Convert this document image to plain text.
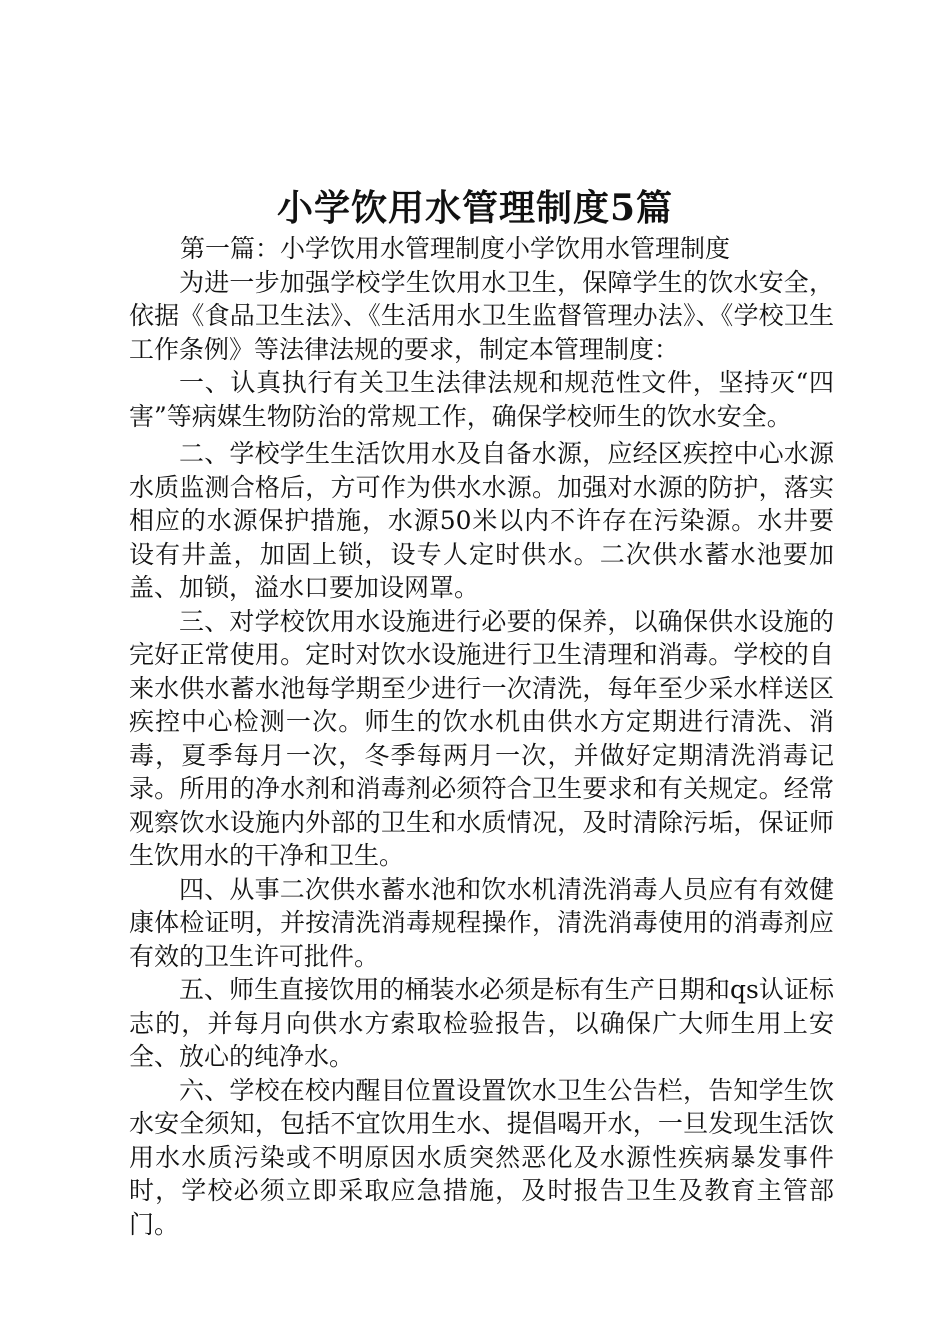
小学饮用水管理制度5篇

第一篇：小学饮用水管理制度小学饮用水管理制度

为进一步加强学校学生饮用水卫生，保障学生的饮水安全，依据《食品卫生法》、《生活用水卫生监督管理办法》、《学校卫生工作条例》等法律法规的要求，制定本管理制度：

一、认真执行有关卫生法律法规和规范性文件，坚持灭“四害”等病媒生物防治的常规工作，确保学校师生的饮水安全。

二、学校学生生活饮用水及自备水源，应经区疾控中心水源水质监测合格后，方可作为供水水源。加强对水源的防护，落实相应的水源保护措施，水源50米以内不许存在污染源。水井要设有井盖，加固上锁，设专人定时供水。二次供水蓄水池要加盖、加锁，溢水口要加设网罩。

三、对学校饮用水设施进行必要的保养，以确保供水设施的完好正常使用。定时对饮水设施进行卫生清理和消毒。学校的自来水供水蓄水池每学期至少进行一次清洗，每年至少采水样送区疾控中心检测一次。师生的饮水机由供水方定期进行清洗、消毒，夏季每月一次，冬季每两月一次，并做好定期清洗消毒记录。所用的净水剂和消毒剂必须符合卫生要求和有关规定。经常观察饮水设施内外部的卫生和水质情况，及时清除污垢，保证师生饮用水的干净和卫生。

四、从事二次供水蓄水池和饮水机清洗消毒人员应有有效健康体检证明，并按清洗消毒规程操作，清洗消毒使用的消毒剂应有效的卫生许可批件。

五、师生直接饮用的桶装水必须是标有生产日期和qs认证标志的，并每月向供水方索取检验报告，以确保广大师生用上安全、放心的纯净水。

六、学校在校内醒目位置设置饮水卫生公告栏，告知学生饮水安全须知，包括不宜饮用生水、提倡喝开水，一旦发现生活饮用水水质污染或不明原因水质突然恶化及水源性疾病暴发事件时，学校必须立即采取应急措施，及时报告卫生及教育主管部门。
